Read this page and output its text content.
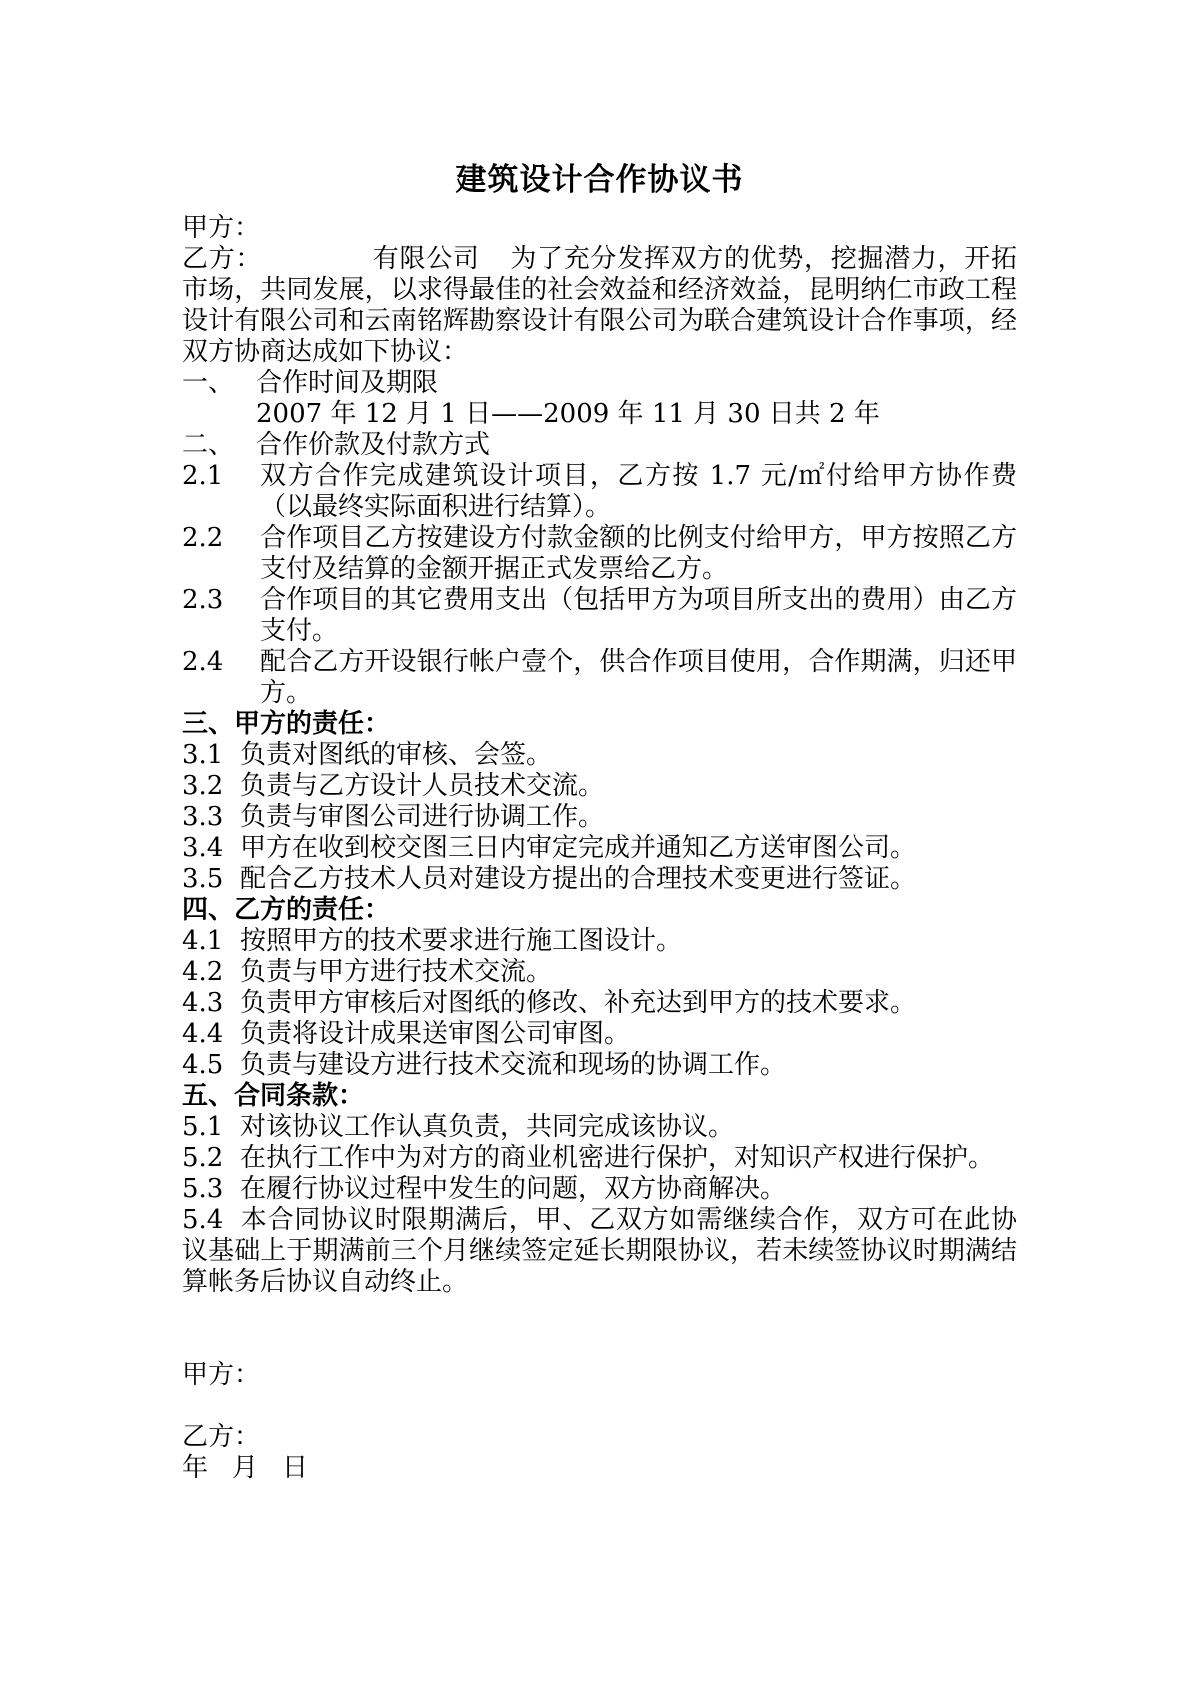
建筑设计合作协议书

甲方：

乙方：	有限公司 为了充分发挥双方的优势，挖掘潜力，开拓市场，共同发展，以求得最佳的社会效益和经济效益，昆明纳仁市政工程设计有限公司和云南铭辉勘察设计有限公司为联合建筑设计合作事项，经双方协商达成如下协议：

一、 合作时间及期限
2007 年 12 月 1 日——2009 年 11 月 30 日共 2 年
二、 合作价款及付款方式
2.1	双方合作完成建筑设计项目，乙方按 1.7 元/㎡付给甲方协作费（以最终实际面积进行结算）。
2.2	合作项目乙方按建设方付款金额的比例支付给甲方，甲方按照乙方支付及结算的金额开据正式发票给乙方。
2.3	合作项目的其它费用支出（包括甲方为项目所支出的费用）由乙方支付。
2.4	配合乙方开设银行帐户壹个，供合作项目使用，合作期满，归还甲方。
三、甲方的责任：
3.1 负责对图纸的审核、会签。
3.2 负责与乙方设计人员技术交流。
3.3 负责与审图公司进行协调工作。
3.4 甲方在收到校交图三日内审定完成并通知乙方送审图公司。
3.5 配合乙方技术人员对建设方提出的合理技术变更进行签证。
四、乙方的责任：
4.1 按照甲方的技术要求进行施工图设计。
4.2 负责与甲方进行技术交流。
4.3 负责甲方审核后对图纸的修改、补充达到甲方的技术要求。
4.4 负责将设计成果送审图公司审图。
4.5 负责与建设方进行技术交流和现场的协调工作。
五、合同条款：

5.1 对该协议工作认真负责，共同完成该协议。

5.2 在执行工作中为对方的商业机密进行保护，对知识产权进行保护。

5.3 在履行协议过程中发生的问题，双方协商解决。

5.4 本合同协议时限期满后，甲、乙双方如需继续合作，双方可在此协议基础上于期满前三个月继续签定延长期限协议，若未续签协议时期满结算帐务后协议自动终止。

甲方：
乙方：
年 月 日
